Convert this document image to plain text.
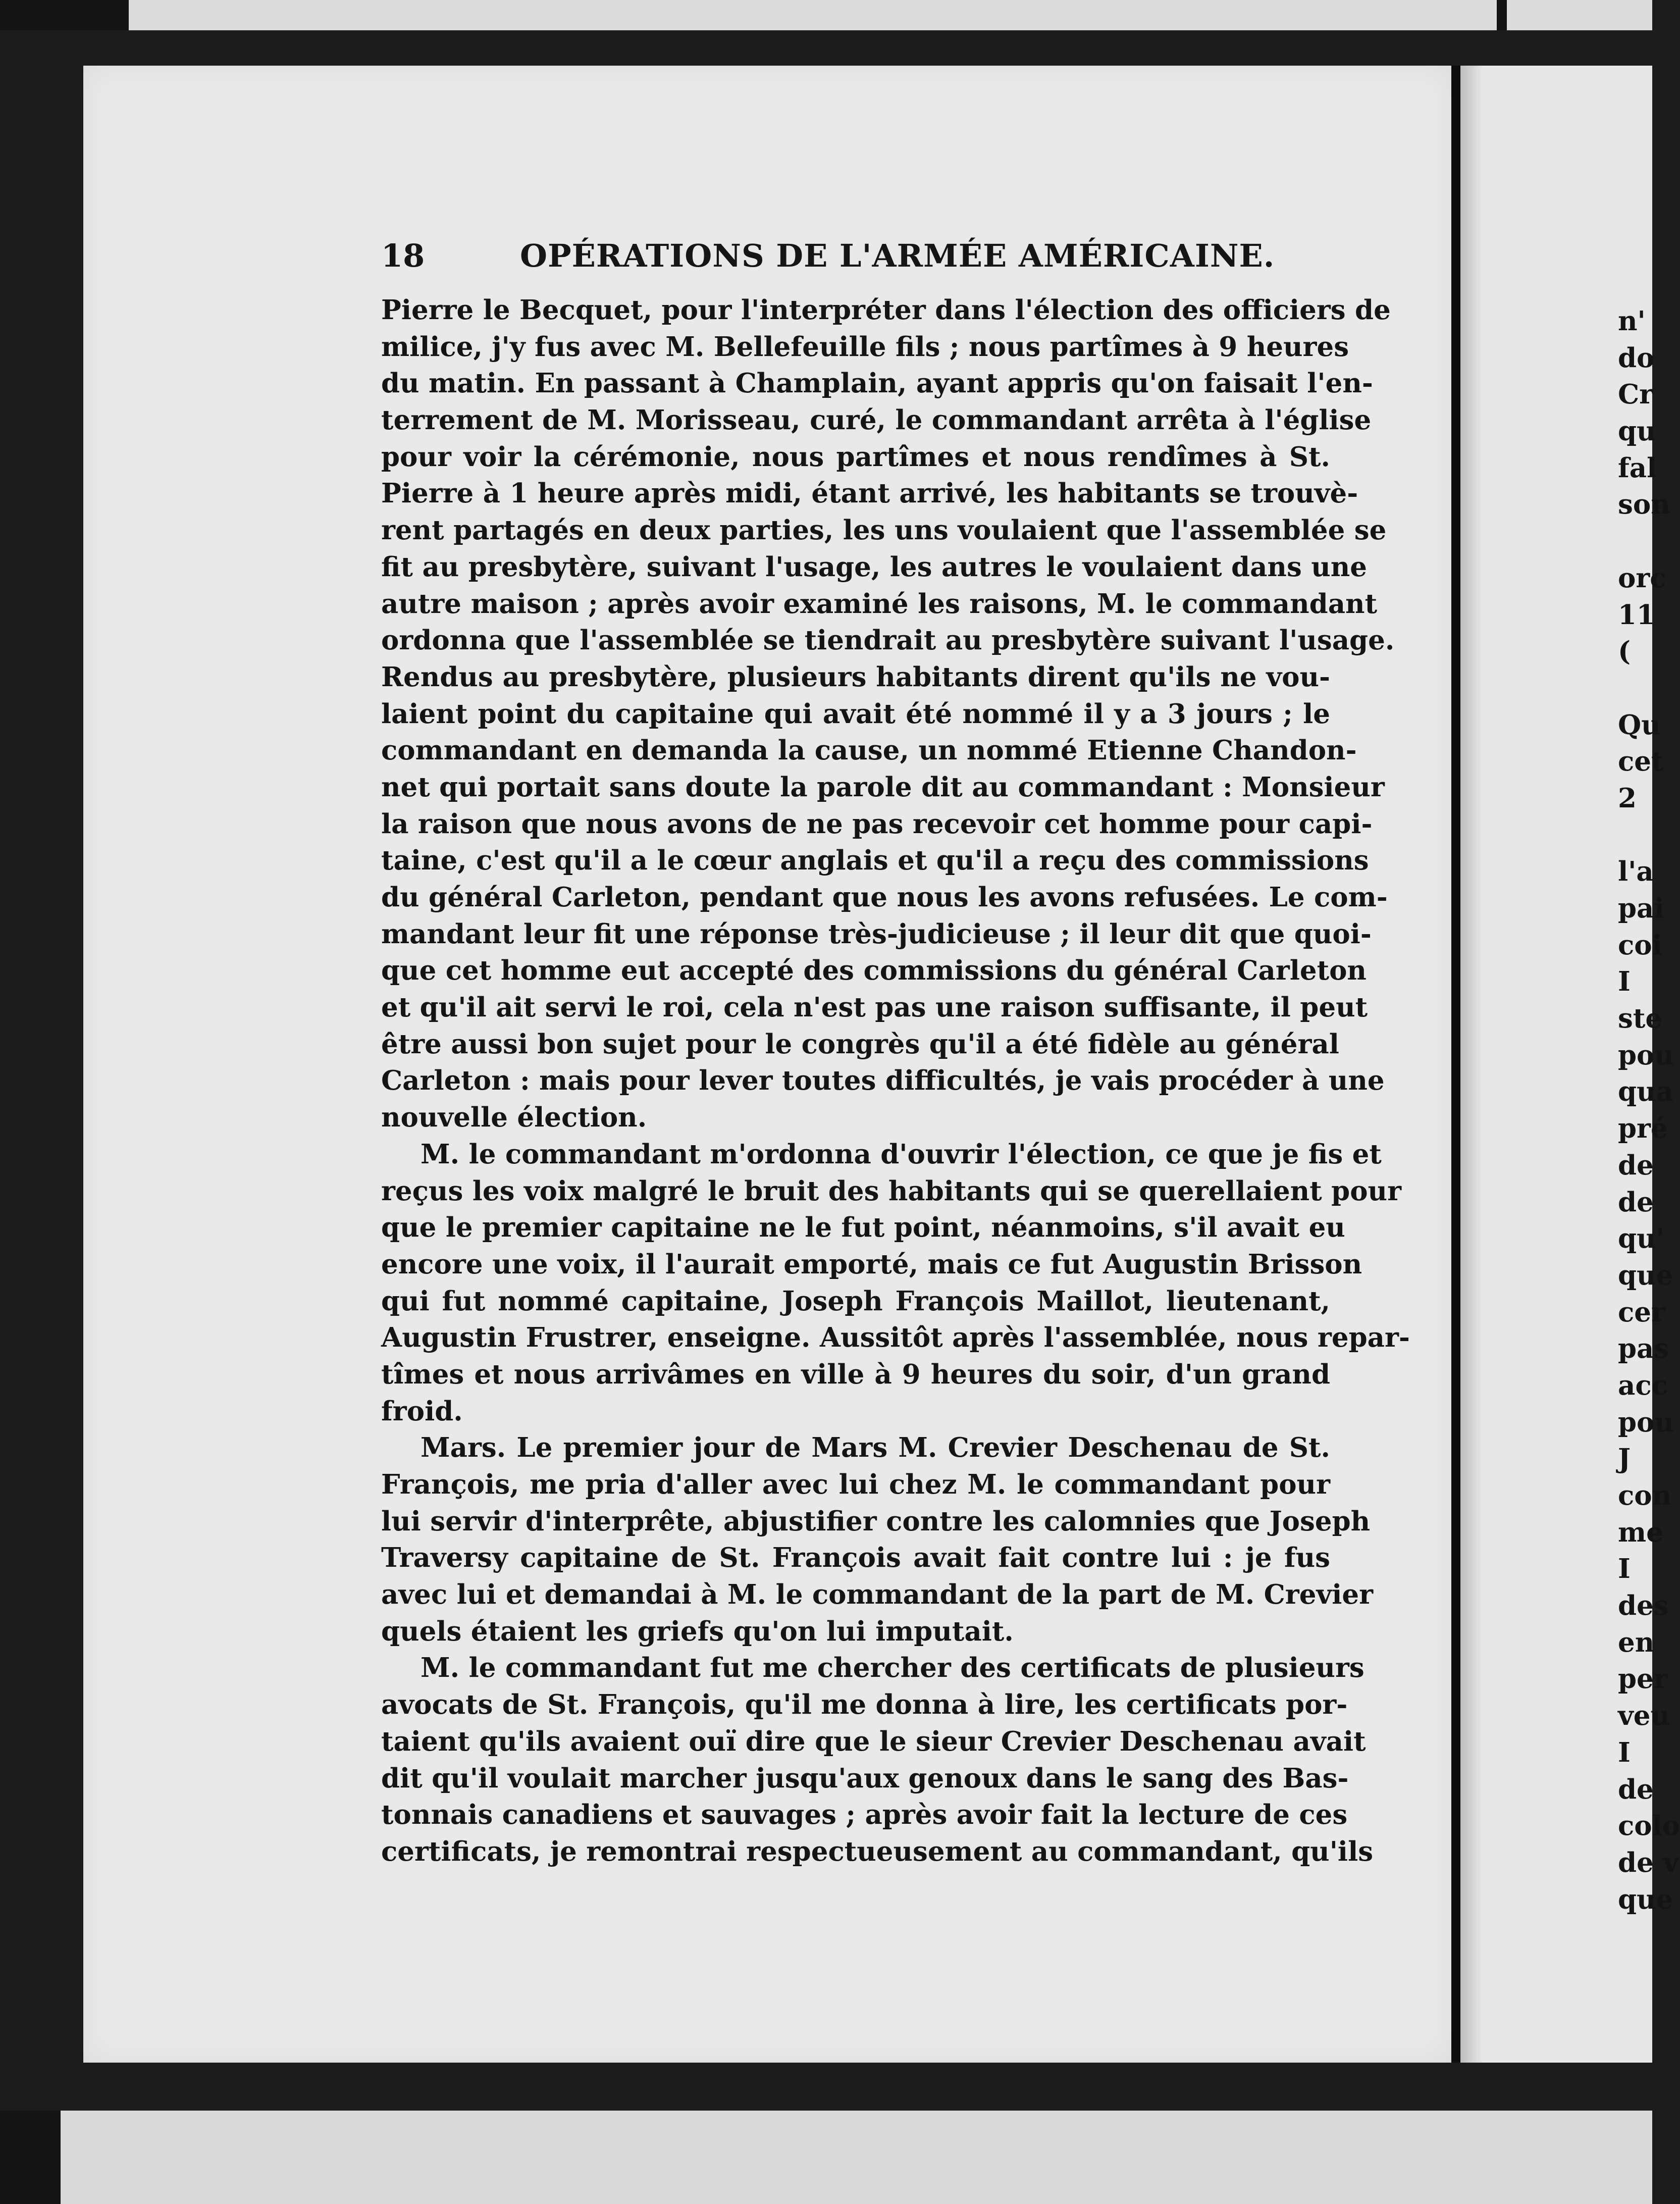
18	OPÉRATIONS DE L'ARMÉE AMÉRICAINE.
Pierre le Becquet, pour l'interpréter dans l'élection des officiers de
milice, j'y fus avec M. Bellefeuille fils ; nous partîmes à 9 heures
du matin. En passant à Champlain, ayant appris qu'on faisait l'en-
terrement de M. Morisseau, curé, le commandant arrêta à l'église
pour voir la cérémonie, nous partîmes et nous rendîmes à St.
Pierre à 1 heure après midi, étant arrivé, les habitants se trouvè-
rent partagés en deux parties, les uns voulaient que l'assemblée se
fit au presbytère, suivant l'usage, les autres le voulaient dans une
autre maison ; après avoir examiné les raisons, M. le commandant
ordonna que l'assemblée se tiendrait au presbytère suivant l'usage.
Rendus au presbytère, plusieurs habitants dirent qu'ils ne vou-
laient point du capitaine qui avait été nommé il y a 3 jours ; le
commandant en demanda la cause, un nommé Etienne Chandon-
net qui portait sans doute la parole dit au commandant : Monsieur
la raison que nous avons de ne pas recevoir cet homme pour capi-
taine, c'est qu'il a le cœur anglais et qu'il a reçu des commissions
du général Carleton, pendant que nous les avons refusées. Le com-
mandant leur fit une réponse très-judicieuse ; il leur dit que quoi-
que cet homme eut accepté des commissions du général Carleton
et qu'il ait servi le roi, cela n'est pas une raison suffisante, il peut
être aussi bon sujet pour le congrès qu'il a été fidèle au général
Carleton : mais pour lever toutes difficultés, je vais procéder à une
nouvelle élection.
M. le commandant m'ordonna d'ouvrir l'élection, ce que je fis et
reçus les voix malgré le bruit des habitants qui se querellaient pour
que le premier capitaine ne le fut point, néanmoins, s'il avait eu
encore une voix, il l'aurait emporté, mais ce fut Augustin Brisson
qui fut nommé capitaine, Joseph François Maillot, lieutenant,
Augustin Frustrer, enseigne. Aussitôt après l'assemblée, nous repar-
tîmes et nous arrivâmes en ville à 9 heures du soir, d'un grand
froid.
Mars. Le premier jour de Mars M. Crevier Deschenau de St.
François, me pria d'aller avec lui chez M. le commandant pour
lui servir d'interprête, abjustifier contre les calomnies que Joseph
Traversy capitaine de St. François avait fait contre lui : je fus
avec lui et demandai à M. le commandant de la part de M. Crevier
quels étaient les griefs qu'on lui imputait.
M. le commandant fut me chercher des certificats de plusieurs
avocats de St. François, qu'il me donna à lire, les certificats por-
taient qu'ils avaient ouï dire que le sieur Crevier Deschenau avait
dit qu'il voulait marcher jusqu'aux genoux dans le sang des Bas-
tonnais canadiens et sauvages ; après avoir fait la lecture de ces
certificats, je remontrai respectueusement au commandant, qu'ils
n'
do
Cr
qu
fal
son
orc
11
(
Qu
cet
2
l'a
pai
coi
I
ste
pou
qua
pré
de
de
qu'
que
cer
pas
acc
pou
J
con
me
I
des
en
per
veu
I
de
colo
de v
que
